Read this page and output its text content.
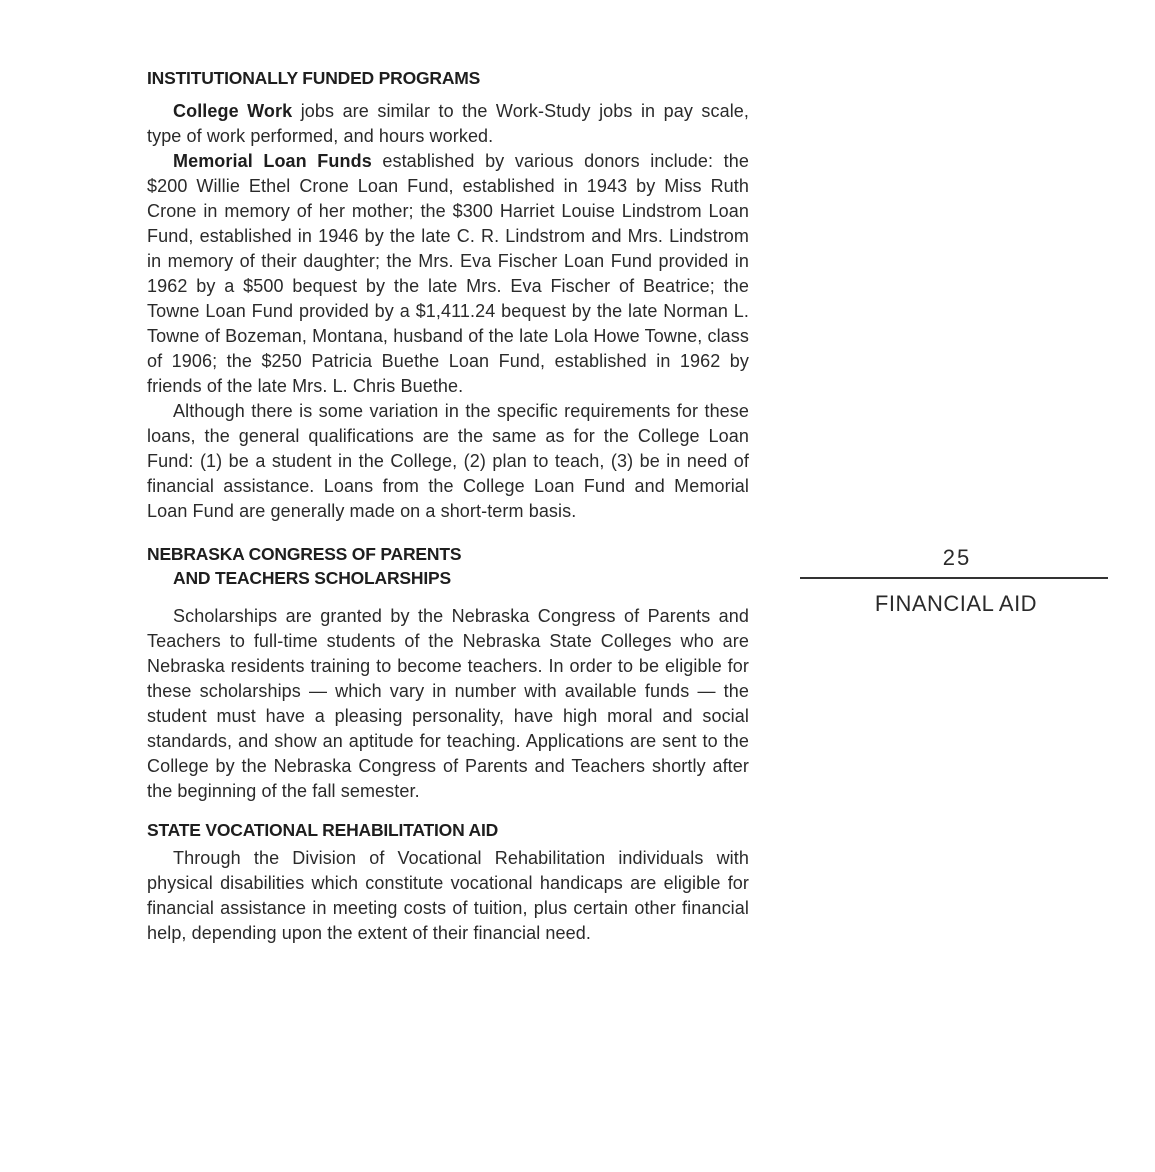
INSTITUTIONALLY FUNDED PROGRAMS

College Work jobs are similar to the Work-Study jobs in pay scale, type of work performed, and hours worked.

Memorial Loan Funds established by various donors include: the $200 Willie Ethel Crone Loan Fund, established in 1943 by Miss Ruth Crone in memory of her mother; the $300 Harriet Louise Lindstrom Loan Fund, established in 1946 by the late C. R. Lindstrom and Mrs. Lindstrom in memory of their daughter; the Mrs. Eva Fischer Loan Fund provided in 1962 by a $500 bequest by the late Mrs. Eva Fischer of Beatrice; the Towne Loan Fund provided by a $1,411.24 bequest by the late Norman L. Towne of Bozeman, Montana, husband of the late Lola Howe Towne, class of 1906; the $250 Patricia Buethe Loan Fund, established in 1962 by friends of the late Mrs. L. Chris Buethe.

Although there is some variation in the specific requirements for these loans, the general qualifications are the same as for the College Loan Fund: (1) be a student in the College, (2) plan to teach, (3) be in need of financial assistance. Loans from the College Loan Fund and Memorial Loan Fund are generally made on a short-term basis.

NEBRASKA CONGRESS OF PARENTS
AND TEACHERS SCHOLARSHIPS

Scholarships are granted by the Nebraska Congress of Parents and Teachers to full-time students of the Nebraska State Colleges who are Nebraska residents training to become teachers. In order to be eligible for these scholarships — which vary in number with available funds — the student must have a pleasing personality, have high moral and social standards, and show an aptitude for teaching. Applications are sent to the College by the Nebraska Congress of Parents and Teachers shortly after the beginning of the fall semester.

STATE VOCATIONAL REHABILITATION AID

Through the Division of Vocational Rehabilitation individuals with physical disabilities which constitute vocational handicaps are eligible for financial assistance in meeting costs of tuition, plus certain other financial help, depending upon the extent of their financial need.

25
FINANCIAL AID
